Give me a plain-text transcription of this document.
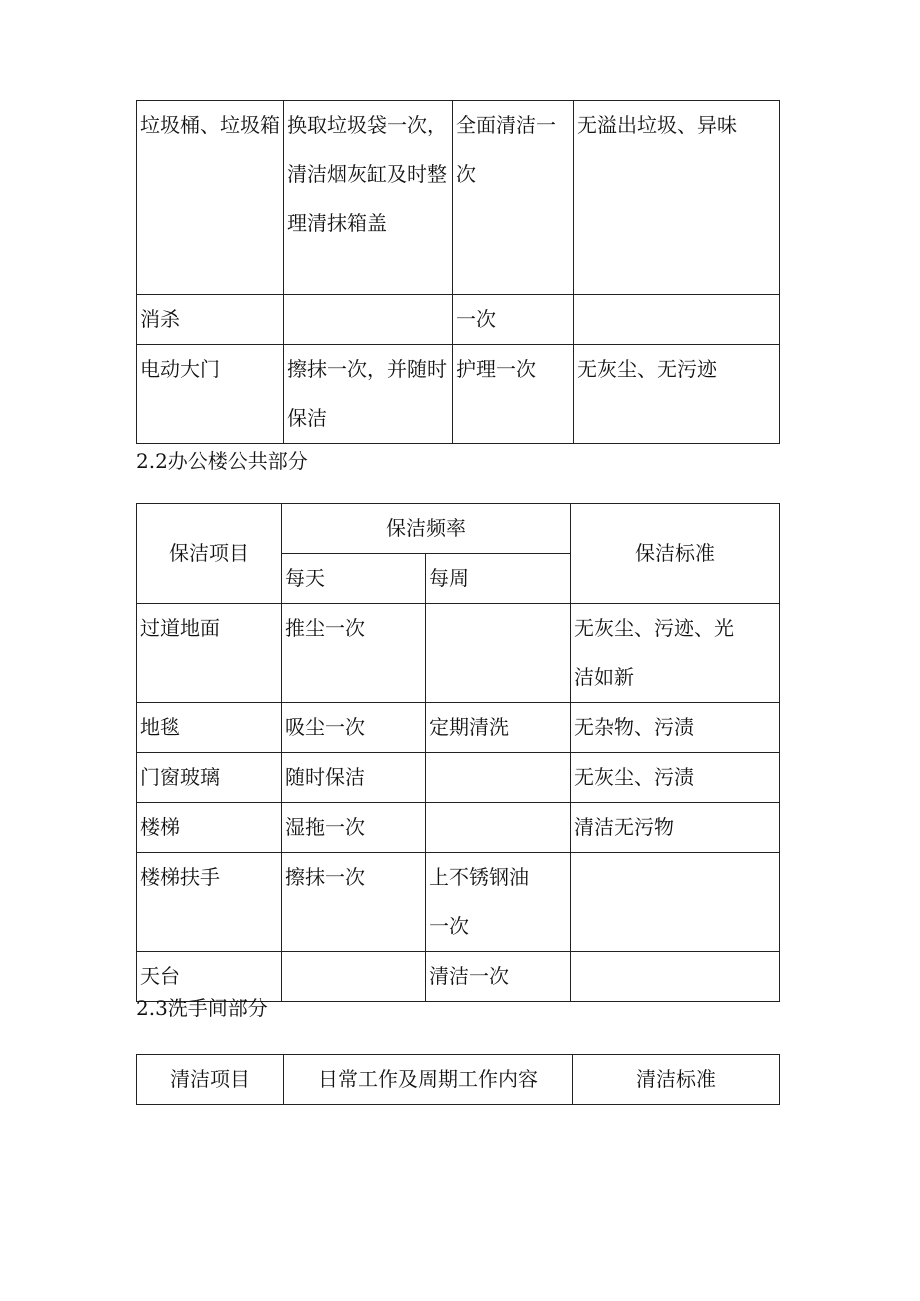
垃圾桶、垃圾箱	换取垃圾袋一次，清洁烟灰缸及时整理清抹箱盖	全面清洁一次	无溢出垃圾、异味
消杀		一次	
电动大门	擦抹一次，并随时保洁	护理一次	无灰尘、无污迹
2.2办公楼公共部分
保洁项目	保洁频率		保洁标准
	每天	每周	
过道地面	推尘一次		无灰尘、污迹、光洁如新
地毯	吸尘一次	定期清洗	无杂物、污渍
门窗玻璃	随时保洁		无灰尘、污渍
楼梯	湿拖一次		清洁无污物
楼梯扶手	擦抹一次	上不锈钢油一次	
天台		清洁一次	
2.3洗手间部分
清洁项目	日常工作及周期工作内容	清洁标准
